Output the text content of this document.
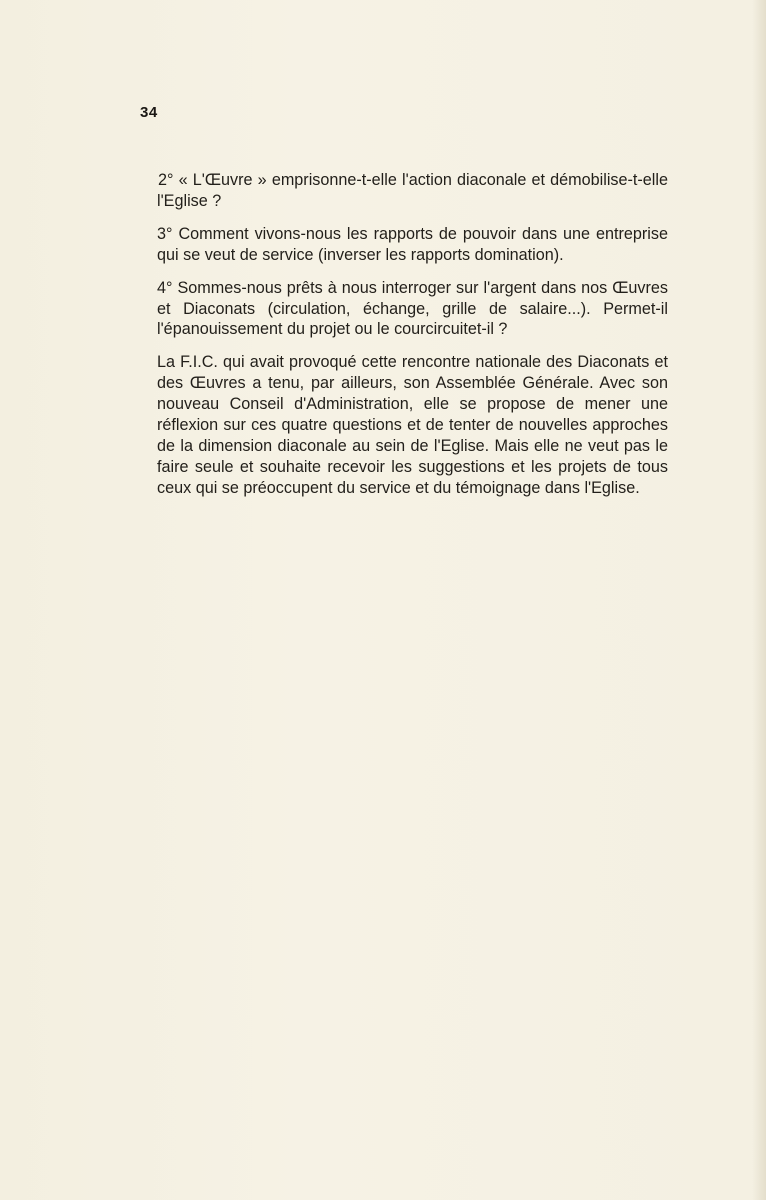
34

2° « L'Œuvre » emprisonne-t-elle l'action diaconale et démobilise-t-elle l'Eglise ?

3° Comment vivons-nous les rapports de pouvoir dans une entreprise qui se veut de service (inverser les rapports domination).

4° Sommes-nous prêts à nous interroger sur l'argent dans nos Œuvres et Diaconats (circulation, échange, grille de salaire...). Permet-il l'épanouissement du projet ou le courcircuitet-il ?

La F.I.C. qui avait provoqué cette rencontre nationale des Diaconats et des Œuvres a tenu, par ailleurs, son Assemblée Générale. Avec son nouveau Conseil d'Administration, elle se propose de mener une réflexion sur ces quatre questions et de tenter de nouvelles approches de la dimension diaconale au sein de l'Eglise. Mais elle ne veut pas le faire seule et souhaite recevoir les suggestions et les projets de tous ceux qui se préoccupent du service et du témoignage dans l'Eglise.
